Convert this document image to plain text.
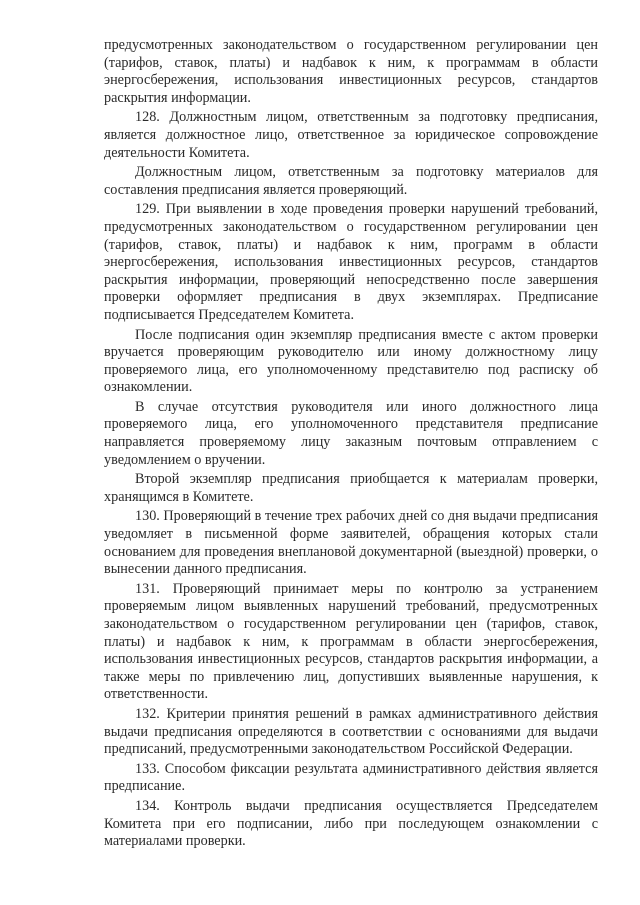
предусмотренных законодательством о государственном регулировании цен (тарифов, ставок, платы) и надбавок к ним, к программам в области энергосбережения, использования инвестиционных ресурсов, стандартов раскрытия информации.

128. Должностным лицом, ответственным за подготовку предписания, является должностное лицо, ответственное за юридическое сопровождение деятельности Комитета.

Должностным лицом, ответственным за подготовку материалов для составления предписания является проверяющий.

129. При выявлении в ходе проведения проверки нарушений требований, предусмотренных законодательством о государственном регулировании цен (тарифов, ставок, платы) и надбавок к ним, программ в области энергосбережения, использования инвестиционных ресурсов, стандартов раскрытия информации, проверяющий непосредственно после завершения проверки оформляет предписания в двух экземплярах. Предписание подписывается Председателем Комитета.

После подписания один экземпляр предписания вместе с актом проверки вручается проверяющим руководителю или иному должностному лицу проверяемого лица, его уполномоченному представителю под расписку об ознакомлении.

В случае отсутствия руководителя или иного должностного лица проверяемого лица, его уполномоченного представителя предписание направляется проверяемому лицу заказным почтовым отправлением с уведомлением о вручении.

Второй экземпляр предписания приобщается к материалам проверки, хранящимся в Комитете.

130. Проверяющий в течение трех рабочих дней со дня выдачи предписания уведомляет в письменной форме заявителей, обращения которых стали основанием для проведения внеплановой документарной (выездной) проверки, о вынесении данного предписания.

131. Проверяющий принимает меры по контролю за устранением проверяемым лицом выявленных нарушений требований, предусмотренных законодательством о государственном регулировании цен (тарифов, ставок, платы) и надбавок к ним, к программам в области энергосбережения, использования инвестиционных ресурсов, стандартов раскрытия информации, а также меры по привлечению лиц, допустивших выявленные нарушения, к ответственности.

132. Критерии принятия решений в рамках административного действия выдачи предписания определяются в соответствии с основаниями для выдачи предписаний, предусмотренными законодательством Российской Федерации.

133. Способом фиксации результата административного действия является предписание.

134. Контроль выдачи предписания осуществляется Председателем Комитета при его подписании, либо при последующем ознакомлении с материалами проверки.
